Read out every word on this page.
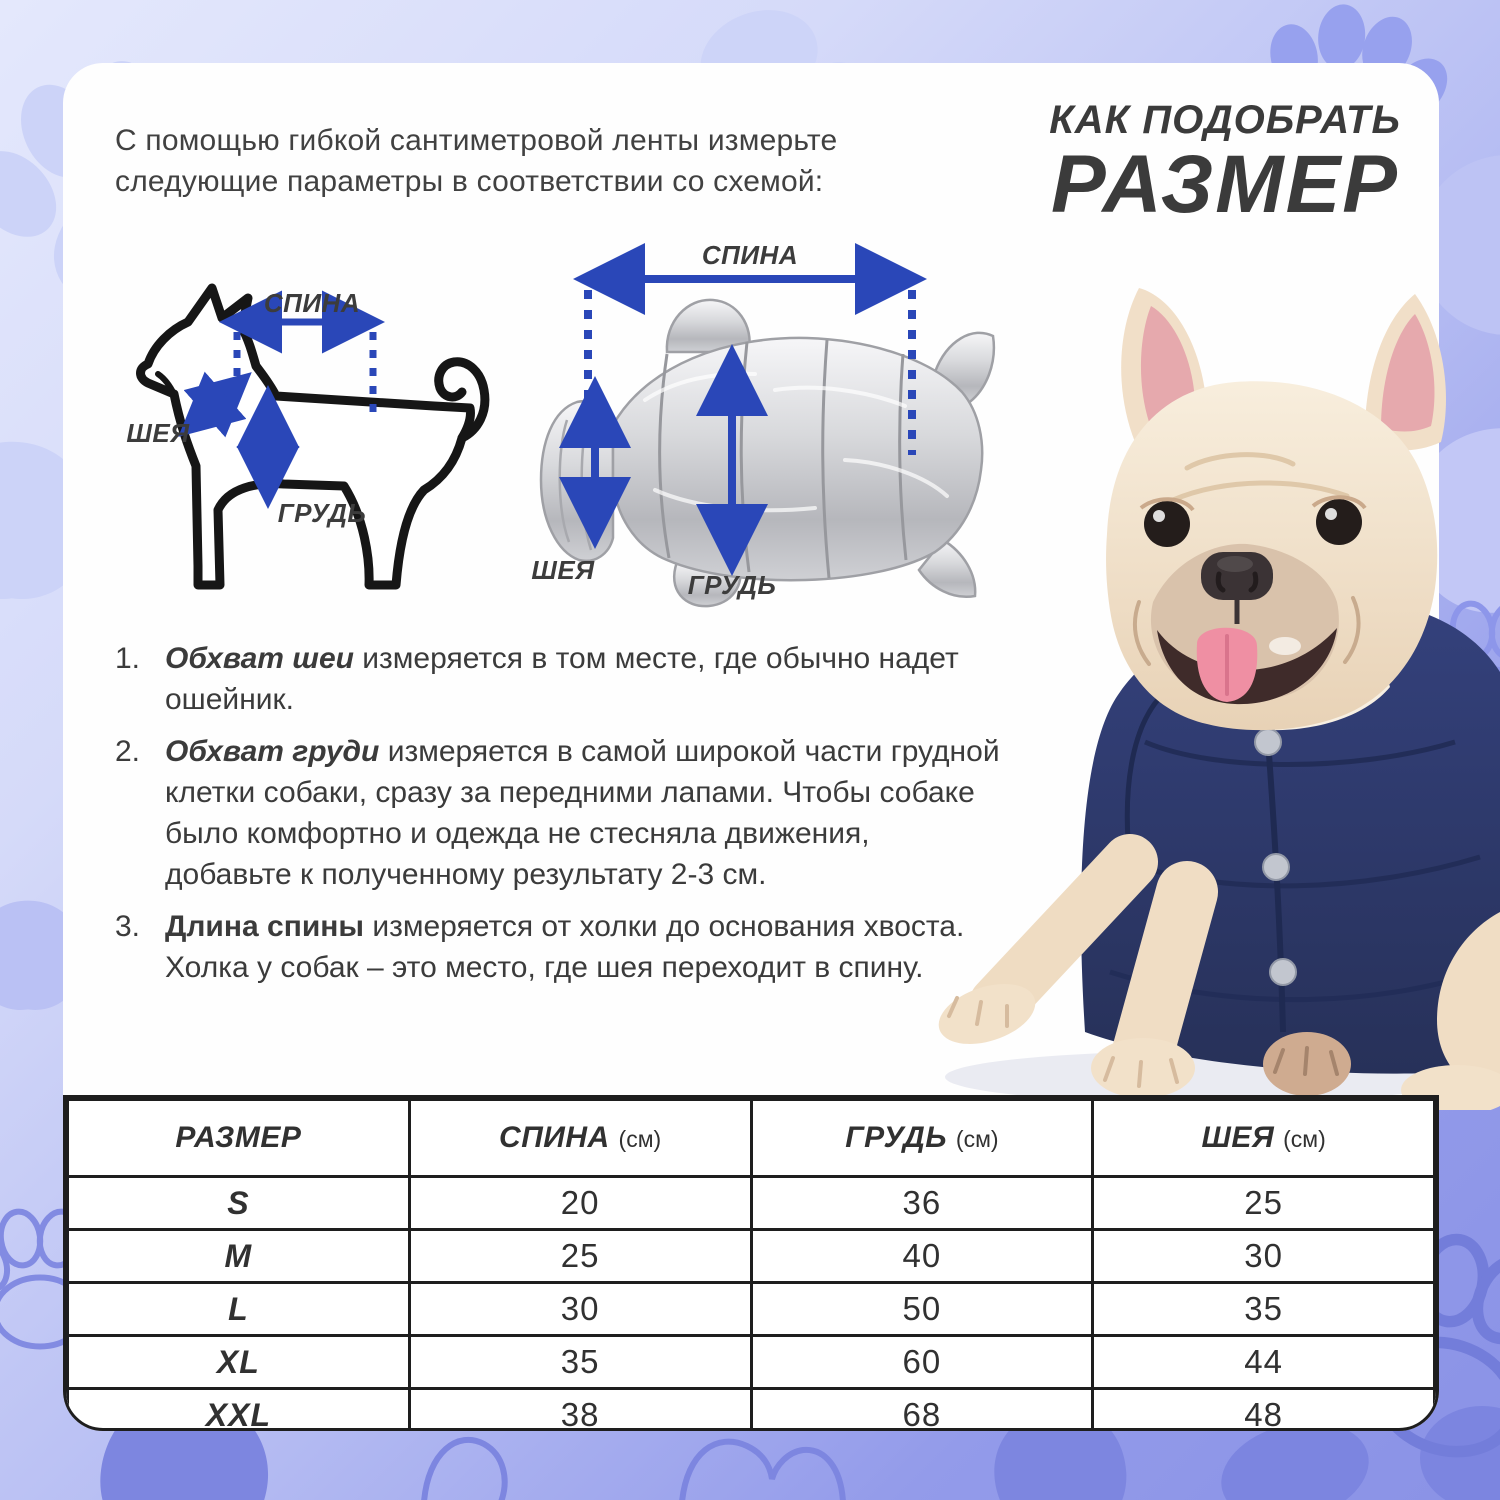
С помощью гибкой сантиметровой ленты измерьте следующие параметры в соответствии со схемой:
КАК ПОДОБРАТЬ
РАЗМЕР
СПИНА
ШЕЯ
ГРУДЬ
СПИНА
ШЕЯ	ГРУДЬ
1. Обхват шеи измеряется в том месте, где обычно надет ошейник.
2. Обхват груди измеряется в самой широкой части грудной клетки собаки, сразу за передними лапами. Чтобы собаке было комфортно и одежда не стесняла движения, добавьте к полученному результату 2-3 см.
3. Длина спины измеряется от холки до основания хвоста. Холка у собак – это место, где шея переходит в спину.
РАЗМЕР	СПИНА (см)	ГРУДЬ (см)	ШЕЯ (см)
S	20	36	25
M	25	40	30
L	30	50	35
XL	35	60	44
XXL	38	68	48
